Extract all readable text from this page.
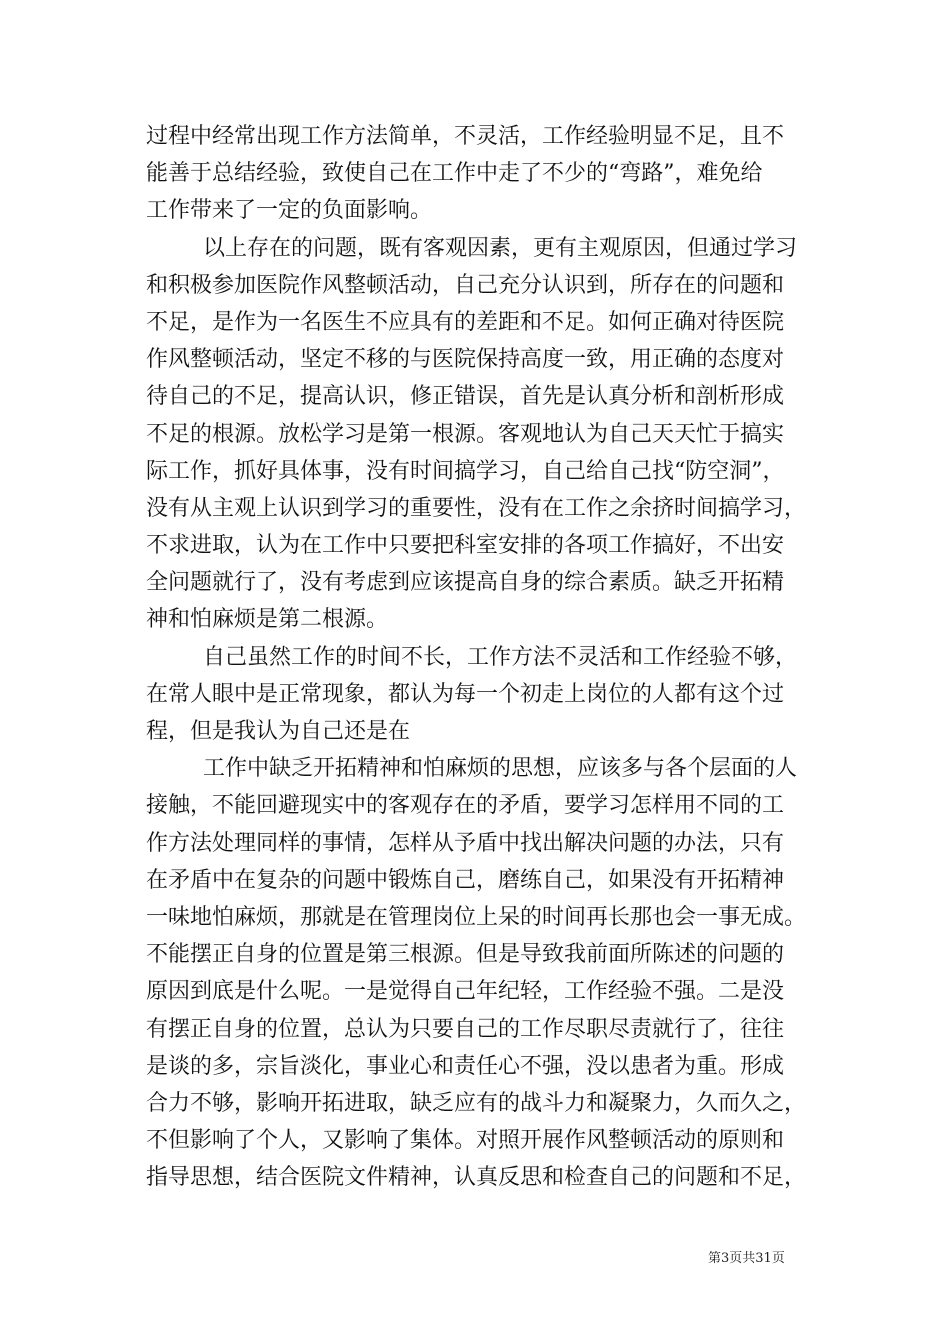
过程中经常出现工作方法简单，不灵活，工作经验明显不足，且不
能善于总结经验，致使自己在工作中走了不少的“弯路”，难免给
工作带来了一定的负面影响。
以上存在的问题，既有客观因素，更有主观原因，但通过学习
和积极参加医院作风整顿活动，自己充分认识到，所存在的问题和
不足，是作为一名医生不应具有的差距和不足。如何正确对待医院
作风整顿活动，坚定不移的与医院保持高度一致，用正确的态度对
待自己的不足，提高认识，修正错误，首先是认真分析和剖析形成
不足的根源。放松学习是第一根源。客观地认为自己天天忙于搞实
际工作，抓好具体事，没有时间搞学习，自己给自己找“防空洞”，
没有从主观上认识到学习的重要性，没有在工作之余挤时间搞学习，
不求进取，认为在工作中只要把科室安排的各项工作搞好，不出安
全问题就行了，没有考虑到应该提高自身的综合素质。缺乏开拓精
神和怕麻烦是第二根源。
自己虽然工作的时间不长，工作方法不灵活和工作经验不够，
在常人眼中是正常现象，都认为每一个初走上岗位的人都有这个过
程，但是我认为自己还是在
工作中缺乏开拓精神和怕麻烦的思想，应该多与各个层面的人
接触，不能回避现实中的客观存在的矛盾，要学习怎样用不同的工
作方法处理同样的事情，怎样从予盾中找出解决问题的办法，只有
在矛盾中在复杂的问题中锻炼自己，磨练自己，如果没有开拓精神
一味地怕麻烦，那就是在管理岗位上呆的时间再长那也会一事无成。
不能摆正自身的位置是第三根源。但是导致我前面所陈述的问题的
原因到底是什么呢。一是觉得自己年纪轻，工作经验不强。二是没
有摆正自身的位置，总认为只要自己的工作尽职尽责就行了，往往
是谈的多，宗旨淡化，事业心和责任心不强，没以患者为重。形成
合力不够，影响开拓进取，缺乏应有的战斗力和凝聚力，久而久之，
不但影响了个人，又影响了集体。对照开展作风整顿活动的原则和
指导思想，结合医院文件精神，认真反思和检查自己的问题和不足，
第3页共31页
